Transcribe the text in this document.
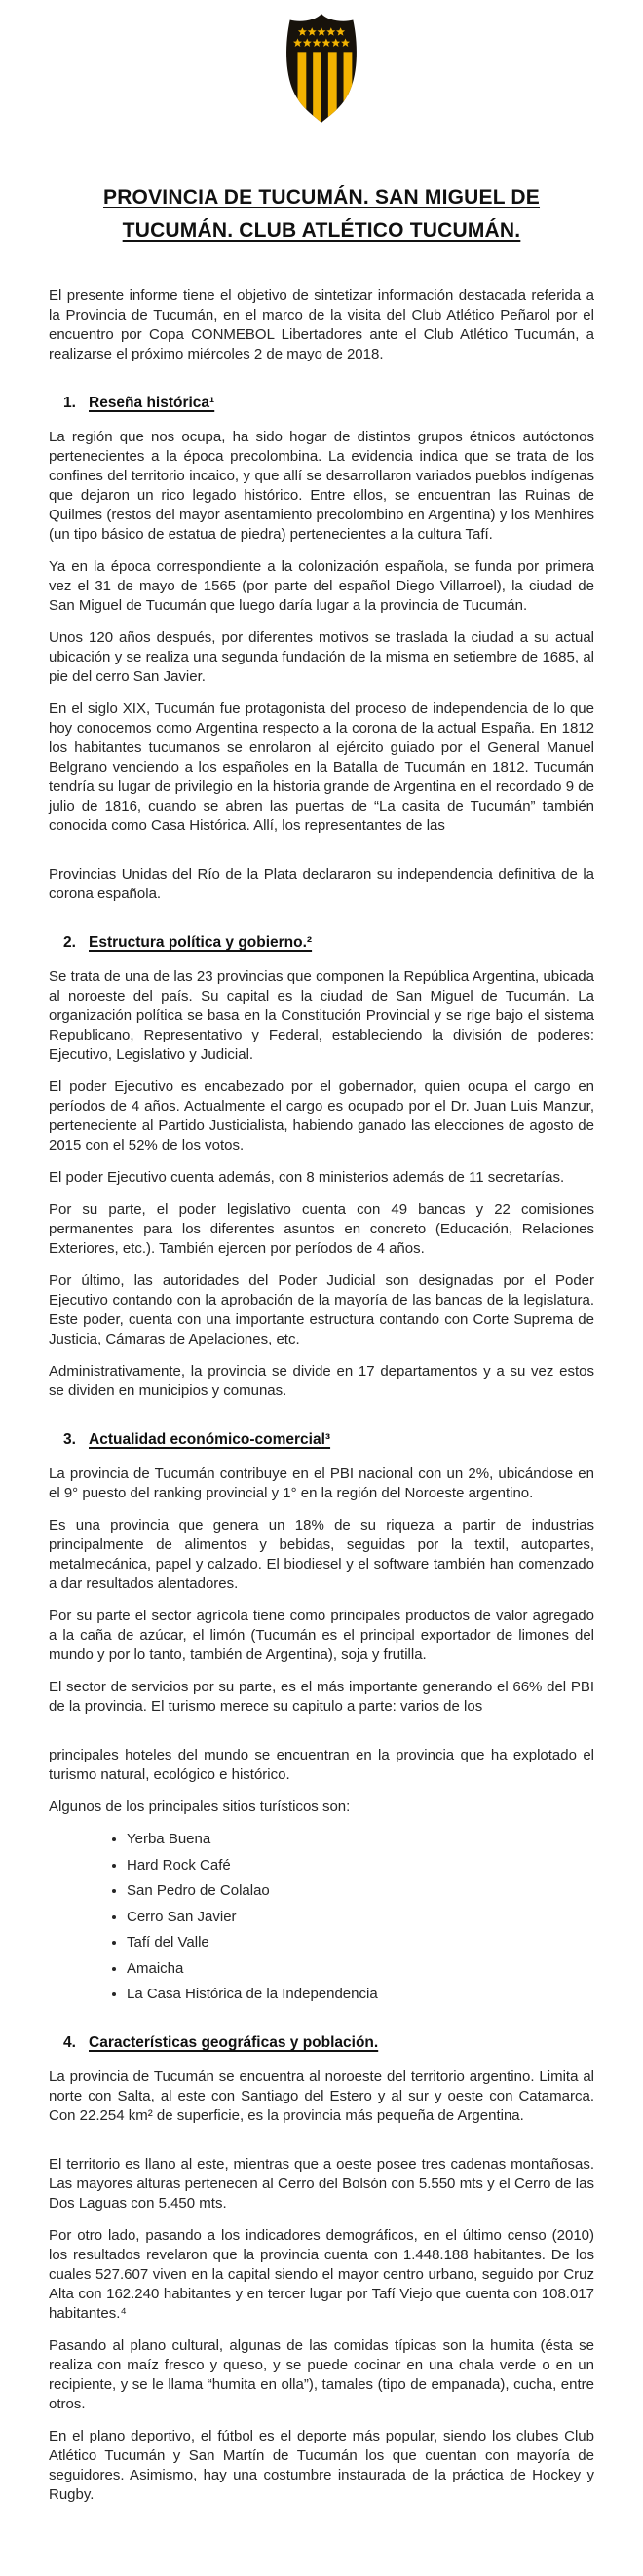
PROVINCIA DE TUCUMÁN. SAN MIGUEL DE TUCUMÁN. CLUB ATLÉTICO TUCUMÁN.

El presente informe tiene el objetivo de sintetizar información destacada referida a la Provincia de Tucumán, en el marco de la visita del Club Atlético Peñarol por el encuentro por Copa CONMEBOL Libertadores ante el Club Atlético Tucumán, a realizarse el próximo miércoles 2 de mayo de 2018.

1. Reseña histórica¹

La región que nos ocupa, ha sido hogar de distintos grupos étnicos autóctonos pertenecientes a la época precolombina. La evidencia indica que se trata de los confines del territorio incaico, y que allí se desarrollaron variados pueblos indígenas que dejaron un rico legado histórico. Entre ellos, se encuentran las Ruinas de Quilmes (restos del mayor asentamiento precolombino en Argentina) y los Menhires (un tipo básico de estatua de piedra) pertenecientes a la cultura Tafí.

Ya en la época correspondiente a la colonización española, se funda por primera vez el 31 de mayo de 1565 (por parte del español Diego Villarroel), la ciudad de San Miguel de Tucumán que luego daría lugar a la provincia de Tucumán.

Unos 120 años después, por diferentes motivos se traslada la ciudad a su actual ubicación y se realiza una segunda fundación de la misma en setiembre de 1685, al pie del cerro San Javier.

En el siglo XIX, Tucumán fue protagonista del proceso de independencia de lo que hoy conocemos como Argentina respecto a la corona de la actual España. En 1812 los habitantes tucumanos se enrolaron al ejército guiado por el General Manuel Belgrano venciendo a los españoles en la Batalla de Tucumán en 1812. Tucumán tendría su lugar de privilegio en la historia grande de Argentina en el recordado 9 de julio de 1816, cuando se abren las puertas de “La casita de Tucumán” también conocida como Casa Histórica. Allí, los representantes de las

Provincias Unidas del Río de la Plata declararon su independencia definitiva de la corona española.

2. Estructura política y gobierno.²

Se trata de una de las 23 provincias que componen la República Argentina, ubicada al noroeste del país. Su capital es la ciudad de San Miguel de Tucumán. La organización política se basa en la Constitución Provincial y se rige bajo el sistema Republicano, Representativo y Federal, estableciendo la división de poderes: Ejecutivo, Legislativo y Judicial.

El poder Ejecutivo es encabezado por el gobernador, quien ocupa el cargo en períodos de 4 años. Actualmente el cargo es ocupado por el Dr. Juan Luis Manzur, perteneciente al Partido Justicialista, habiendo ganado las elecciones de agosto de 2015 con el 52% de los votos.

El poder Ejecutivo cuenta además, con 8 ministerios además de 11 secretarías.

Por su parte, el poder legislativo cuenta con 49 bancas y 22 comisiones permanentes para los diferentes asuntos en concreto (Educación, Relaciones Exteriores, etc.). También ejercen por períodos de 4 años.

Por último, las autoridades del Poder Judicial son designadas por el Poder Ejecutivo contando con la aprobación de la mayoría de las bancas de la legislatura. Este poder, cuenta con una importante estructura contando con Corte Suprema de Justicia, Cámaras de Apelaciones, etc.

Administrativamente, la provincia se divide en 17 departamentos y a su vez estos se dividen en municipios y comunas.

3. Actualidad económico-comercial³

La provincia de Tucumán contribuye en el PBI nacional con un 2%, ubicándose en el 9° puesto del ranking provincial y 1° en la región del Noroeste argentino.

Es una provincia que genera un 18% de su riqueza a partir de industrias principalmente de alimentos y bebidas, seguidas por la textil, autopartes, metalmecánica, papel y calzado. El biodiesel y el software también han comenzado a dar resultados alentadores.

Por su parte el sector agrícola tiene como principales productos de valor agregado a la caña de azúcar, el limón (Tucumán es el principal exportador de limones del mundo y por lo tanto, también de Argentina), soja y frutilla.

El sector de servicios por su parte, es el más importante generando el 66% del PBI de la provincia. El turismo merece su capitulo a parte: varios de los

principales hoteles del mundo se encuentran en la provincia que ha explotado el turismo natural, ecológico e histórico.

Algunos de los principales sitios turísticos son:

• Yerba Buena
• Hard Rock Café
• San Pedro de Colalao
• Cerro San Javier
• Tafí del Valle
• Amaicha
• La Casa Histórica de la Independencia
4. Características geográficas y población.

La provincia de Tucumán se encuentra al noroeste del territorio argentino. Limita al norte con Salta, al este con Santiago del Estero y al sur y oeste con Catamarca. Con 22.254 km² de superficie, es la provincia más pequeña de Argentina.

El territorio es llano al este, mientras que a oeste posee tres cadenas montañosas. Las mayores alturas pertenecen al Cerro del Bolsón con 5.550 mts y el Cerro de las Dos Laguas con 5.450 mts.

Por otro lado, pasando a los indicadores demográficos, en el último censo (2010) los resultados revelaron que la provincia cuenta con 1.448.188 habitantes. De los cuales 527.607 viven en la capital siendo el mayor centro urbano, seguido por Cruz Alta con 162.240 habitantes y en tercer lugar por Tafí Viejo que cuenta con 108.017 habitantes.⁴

Pasando al plano cultural, algunas de las comidas típicas son la humita (ésta se realiza con maíz fresco y queso, y se puede cocinar en una chala verde o en un recipiente, y se le llama “humita en olla”), tamales (tipo de empanada), cucha, entre otros.

En el plano deportivo, el fútbol es el deporte más popular, siendo los clubes Club Atlético Tucumán y San Martín de Tucumán los que cuentan con mayoría de seguidores. Asimismo, hay una costumbre instaurada de la práctica de Hockey y Rugby.
